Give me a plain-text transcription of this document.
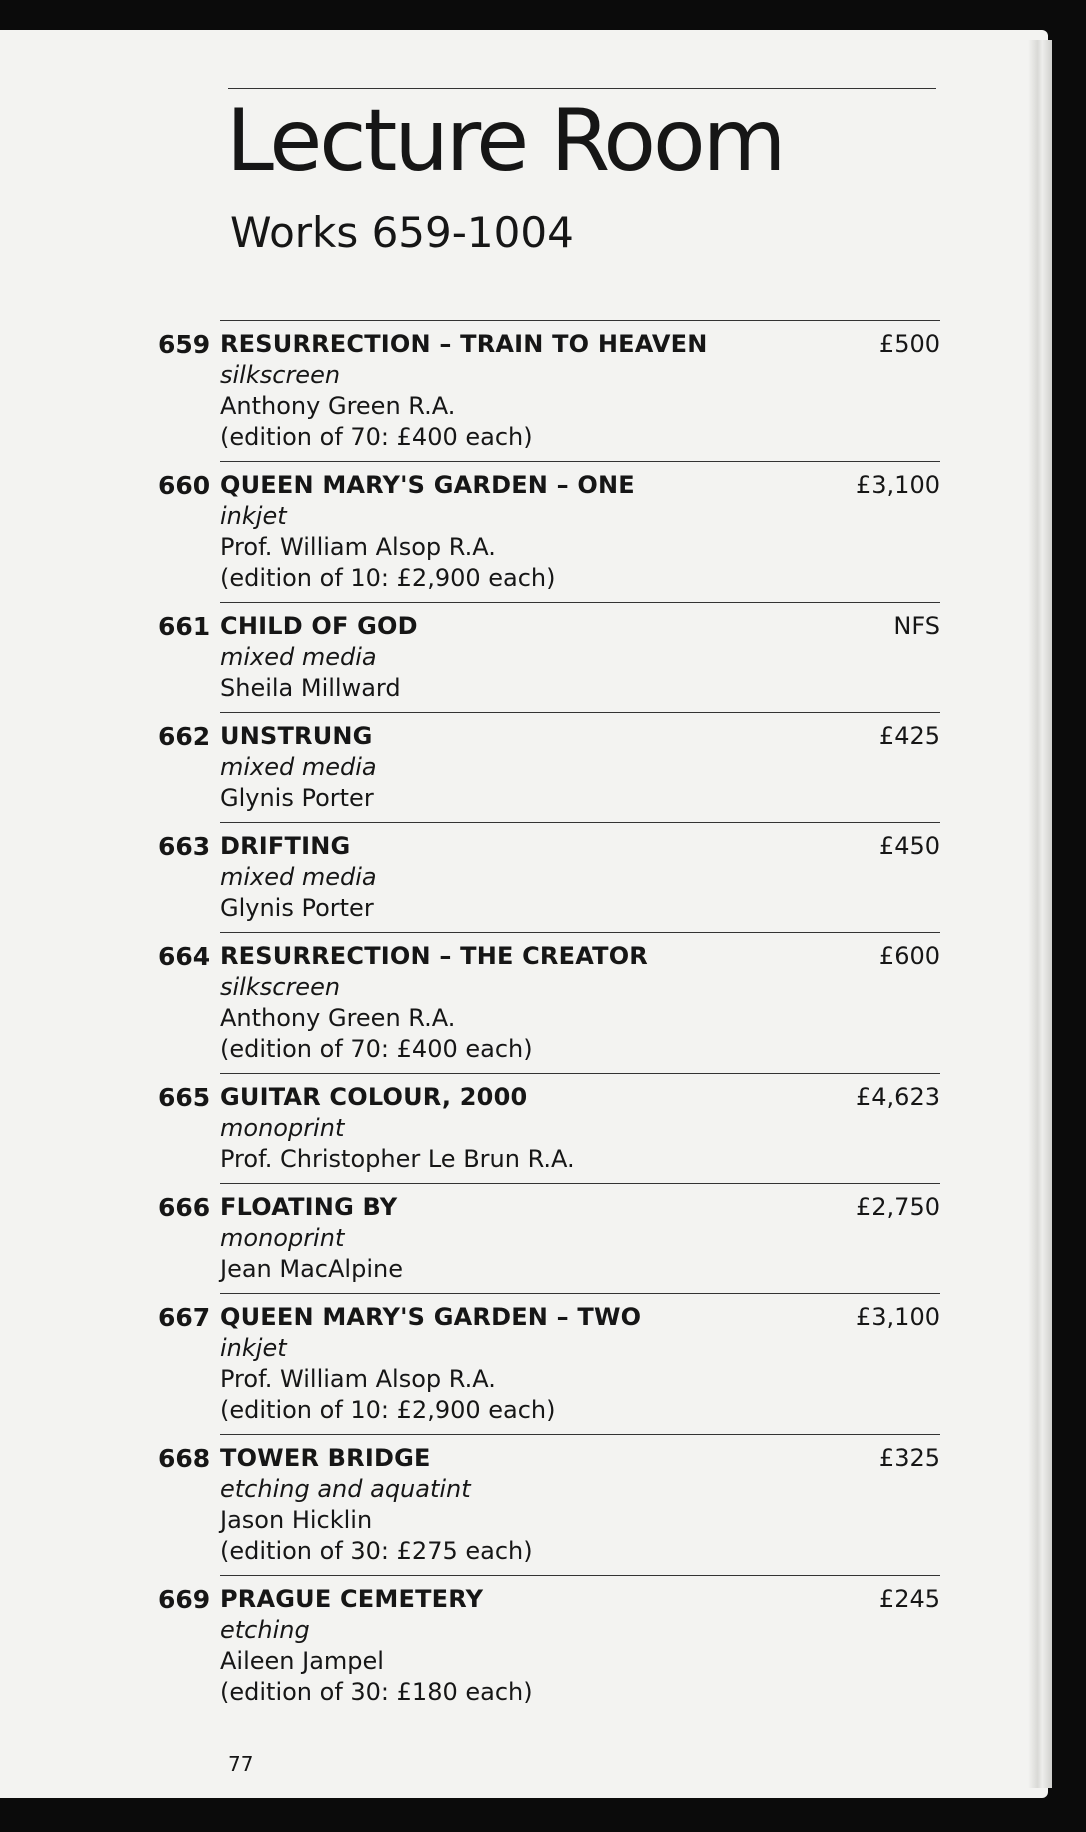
Lecture Room
Works 659-1004
659 RESURRECTION – TRAIN TO HEAVEN
silkscreen
Anthony Green R.A.
(edition of 70: £400 each)
£500
660 QUEEN MARY'S GARDEN – ONE
inkjet
Prof. William Alsop R.A.
(edition of 10: £2,900 each)
£3,100
661 CHILD OF GOD
mixed media
Sheila Millward
NFS
662 UNSTRUNG
mixed media
Glynis Porter
£425
663 DRIFTING
mixed media
Glynis Porter
£450
664 RESURRECTION – THE CREATOR
silkscreen
Anthony Green R.A.
(edition of 70: £400 each)
£600
665 GUITAR COLOUR, 2000
monoprint
Prof. Christopher Le Brun R.A.
£4,623
666 FLOATING BY
monoprint
Jean MacAlpine
£2,750
667 QUEEN MARY'S GARDEN – TWO
inkjet
Prof. William Alsop R.A.
(edition of 10: £2,900 each)
£3,100
668 TOWER BRIDGE
etching and aquatint
Jason Hicklin
(edition of 30: £275 each)
£325
669 PRAGUE CEMETERY
etching
Aileen Jampel
(edition of 30: £180 each)
£245
77
